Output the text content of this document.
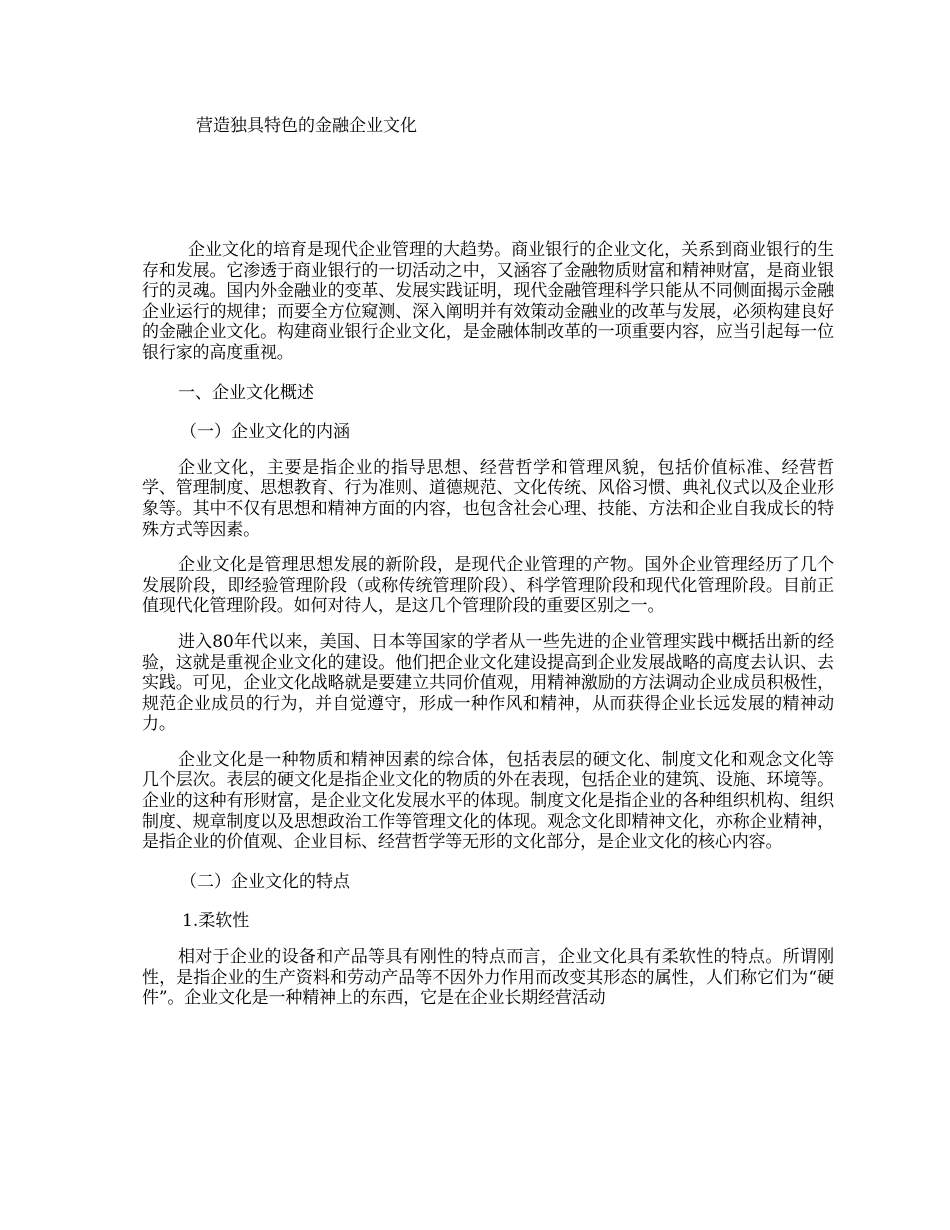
营造独具特色的金融企业文化

企业文化的培育是现代企业管理的大趋势。商业银行的企业文化，关系到商业银行的生存和发展。它渗透于商业银行的一切活动之中，又涵容了金融物质财富和精神财富，是商业银行的灵魂。国内外金融业的变革、发展实践证明，现代金融管理科学只能从不同侧面揭示金融企业运行的规律；而要全方位窥测、深入阐明并有效策动金融业的改革与发展，必须构建良好的金融企业文化。构建商业银行企业文化，是金融体制改革的一项重要内容，应当引起每一位银行家的高度重视。

一、企业文化概述

（一）企业文化的内涵

企业文化，主要是指企业的指导思想、经营哲学和管理风貌，包括价值标准、经营哲学、管理制度、思想教育、行为准则、道德规范、文化传统、风俗习惯、典礼仪式以及企业形象等。其中不仅有思想和精神方面的内容，也包含社会心理、技能、方法和企业自我成长的特殊方式等因素。

企业文化是管理思想发展的新阶段，是现代企业管理的产物。国外企业管理经历了几个发展阶段，即经验管理阶段（或称传统管理阶段）、科学管理阶段和现代化管理阶段。目前正值现代化管理阶段。如何对待人，是这几个管理阶段的重要区别之一。

进入80年代以来，美国、日本等国家的学者从一些先进的企业管理实践中概括出新的经验，这就是重视企业文化的建设。他们把企业文化建设提高到企业发展战略的高度去认识、去实践。可见，企业文化战略就是要建立共同价值观，用精神激励的方法调动企业成员积极性，规范企业成员的行为，并自觉遵守，形成一种作风和精神，从而获得企业长远发展的精神动力。

企业文化是一种物质和精神因素的综合体，包括表层的硬文化、制度文化和观念文化等几个层次。表层的硬文化是指企业文化的物质的外在表现，包括企业的建筑、设施、环境等。企业的这种有形财富，是企业文化发展水平的体现。制度文化是指企业的各种组织机构、组织制度、规章制度以及思想政治工作等管理文化的体现。观念文化即精神文化，亦称企业精神，是指企业的价值观、企业目标、经营哲学等无形的文化部分，是企业文化的核心内容。

（二）企业文化的特点

1.柔软性

相对于企业的设备和产品等具有刚性的特点而言，企业文化具有柔软性的特点。所谓刚性，是指企业的生产资料和劳动产品等不因外力作用而改变其形态的属性，人们称它们为“硬件”。企业文化是一种精神上的东西，它是在企业长期经营活动
